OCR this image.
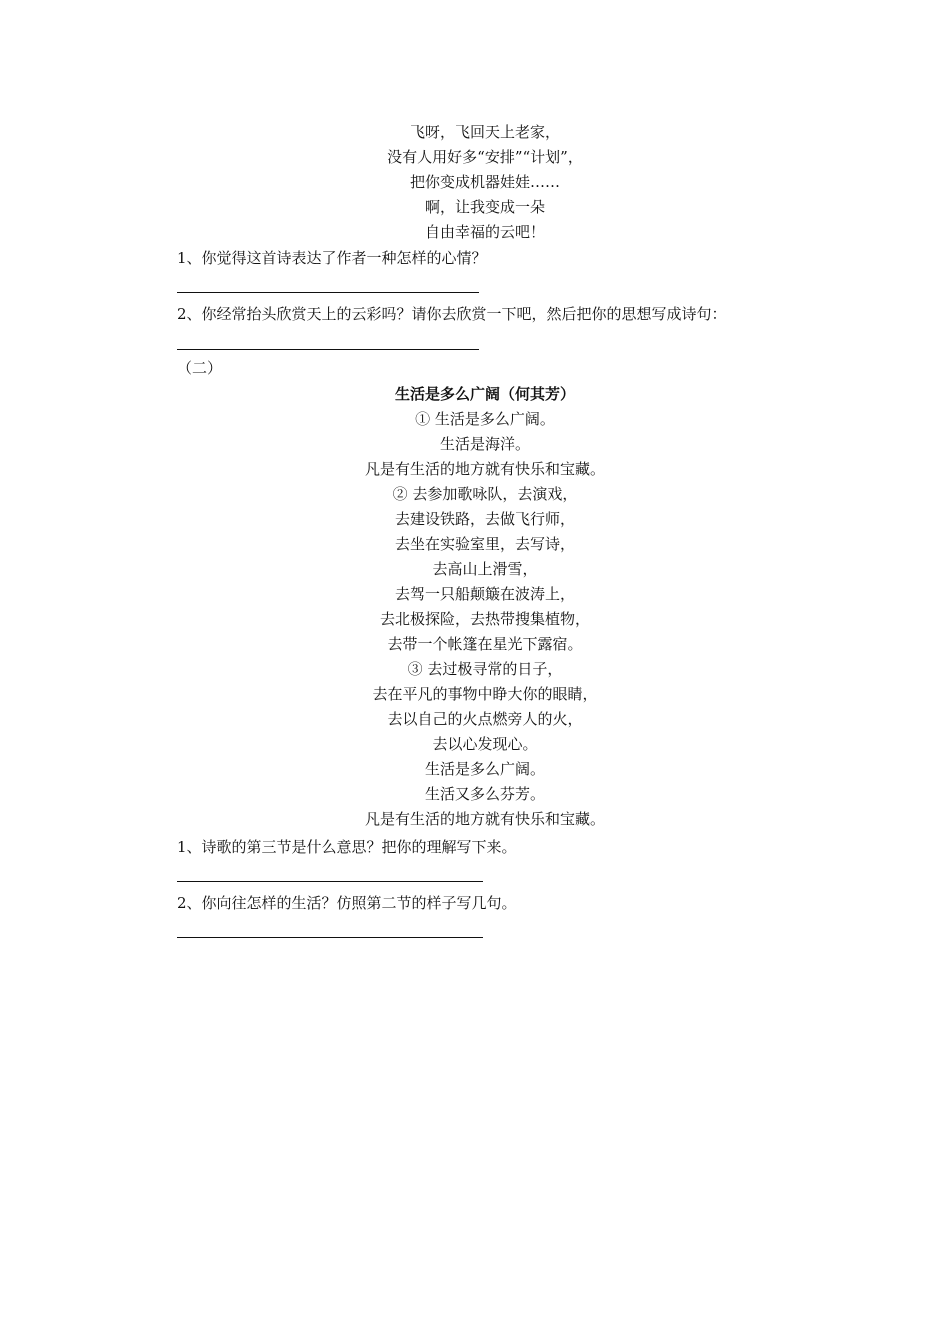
飞呀，飞回天上老家，
没有人用好多“安排”“计划”，
把你变成机器娃娃……
啊，让我变成一朵
自由幸福的云吧！
1、你觉得这首诗表达了作者一种怎样的心情？
2、你经常抬头欣赏天上的云彩吗？请你去欣赏一下吧，然后把你的思想写成诗句：
（二）
生活是多么广阔（何其芳）
① 生活是多么广阔。
生活是海洋。
凡是有生活的地方就有快乐和宝藏。
② 去参加歌咏队，去演戏，
去建设铁路，去做飞行师，
去坐在实验室里，去写诗，
去高山上滑雪，
去驾一只船颠簸在波涛上，
去北极探险，去热带搜集植物，
去带一个帐篷在星光下露宿。
③ 去过极寻常的日子，
去在平凡的事物中睁大你的眼睛，
去以自己的火点燃旁人的火，
去以心发现心。
生活是多么广阔。
生活又多么芬芳。
凡是有生活的地方就有快乐和宝藏。
1、诗歌的第三节是什么意思？把你的理解写下来。
2、你向往怎样的生活？仿照第二节的样子写几句。
